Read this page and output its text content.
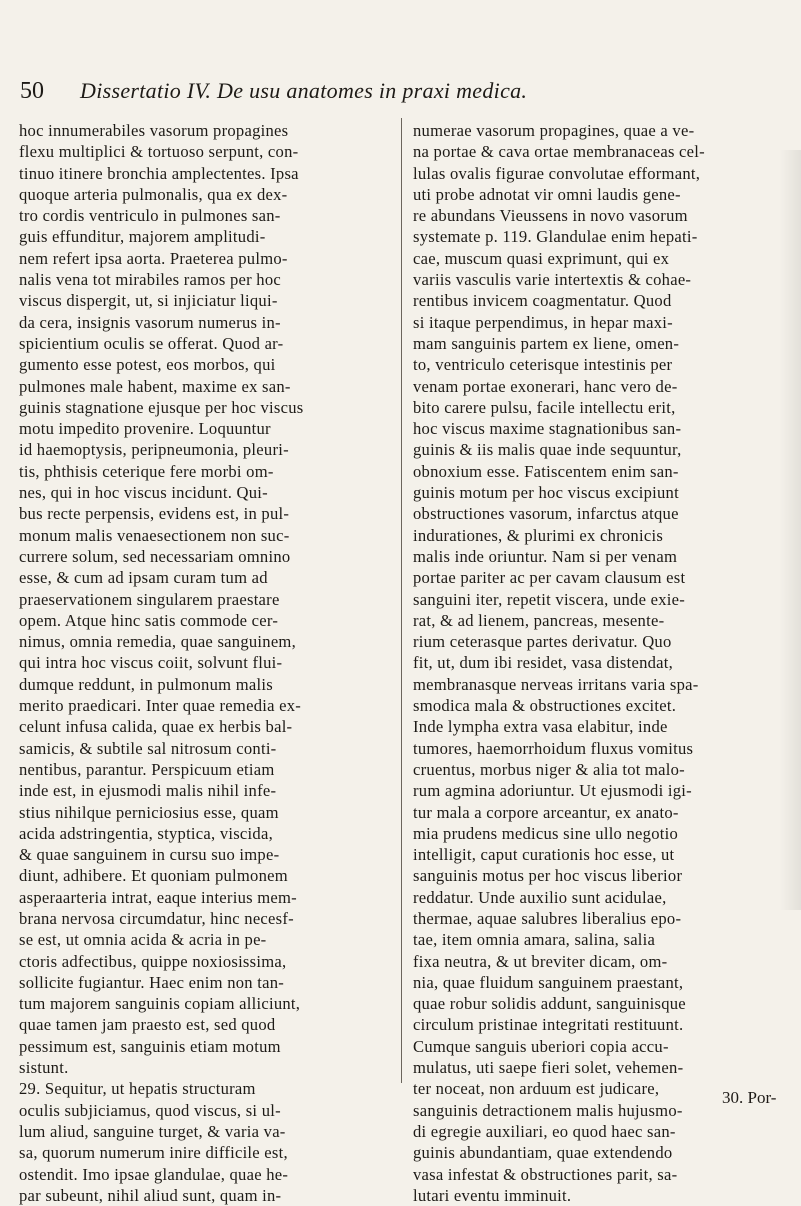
50 Dissertatio IV. De usu anatomes in praxi medica.
hoc innumerabiles vasorum propagines
flexu multiplici & tortuoso serpunt, con-
tinuo itinere bronchia amplectentes. Ipsa
quoque arteria pulmonalis, qua ex dex-
tro cordis ventriculo in pulmones san-
guis effunditur, majorem amplitudi-
nem refert ipsa aorta. Praeterea pulmo-
nalis vena tot mirabiles ramos per hoc
viscus dispergit, ut, si injiciatur liqui-
da cera, insignis vasorum numerus in-
spicientium oculis se offerat. Quod ar-
gumento esse potest, eos morbos, qui
pulmones male habent, maxime ex san-
guinis stagnatione ejusque per hoc viscus
motu impedito provenire. Loquuntur
id haemoptysis, peripneumonia, pleuri-
tis, phthisis ceterique fere morbi om-
nes, qui in hoc viscus incidunt. Qui-
bus recte perpensis, evidens est, in pul-
monum malis venaesectionem non suc-
currere solum, sed necessariam omnino
esse, & cum ad ipsam curam tum ad
praeservationem singularem praestare
opem. Atque hinc satis commode cer-
nimus, omnia remedia, quae sanguinem,
qui intra hoc viscus coiit, solvunt flui-
dumque reddunt, in pulmonum malis
merito praedicari. Inter quae remedia ex-
celunt infusa calida, quae ex herbis bal-
samicis, & subtile sal nitrosum conti-
nentibus, parantur. Perspicuum etiam
inde est, in ejusmodi malis nihil infe-
stius nihilque perniciosius esse, quam
acida adstringentia, styptica, viscida,
& quae sanguinem in cursu suo impe-
diunt, adhibere. Et quoniam pulmonem
asperaarteria intrat, eaque interius mem-
brana nervosa circumdatur, hinc necesf-
se est, ut omnia acida & acria in pe-
ctoris adfectibus, quippe noxiosissima,
sollicite fugiantur. Haec enim non tan-
tum majorem sanguinis copiam alliciunt,
quae tamen jam praesto est, sed quod
pessimum est, sanguinis etiam motum
sistunt.
29. Sequitur, ut hepatis structuram
oculis subjiciamus, quod viscus, si ul-
lum aliud, sanguine turget, & varia va-
sa, quorum numerum inire difficile est,
ostendit. Imo ipsae glandulae, quae he-
par subeunt, nihil aliud sunt, quam in-
numerae vasorum propagines, quae a ve-
na portae & cava ortae membranaceas cel-
lulas ovalis figurae convolutae efformant,
uti probe adnotat vir omni laudis gene-
re abundans Vieussens in novo vasorum
systemate p. 119. Glandulae enim hepati-
cae, muscum quasi exprimunt, qui ex
variis vasculis varie intertextis & cohae-
rentibus invicem coagmentatur. Quod
si itaque perpendimus, in hepar maxi-
mam sanguinis partem ex liene, omen-
to, ventriculo ceterisque intestinis per
venam portae exonerari, hanc vero de-
bito carere pulsu, facile intellectu erit,
hoc viscus maxime stagnationibus san-
guinis & iis malis quae inde sequuntur,
obnoxium esse. Fatiscentem enim san-
guinis motum per hoc viscus excipiunt
obstructiones vasorum, infarctus atque
indurationes, & plurimi ex chronicis
malis inde oriuntur. Nam si per venam
portae pariter ac per cavam clausum est
sanguini iter, repetit viscera, unde exie-
rat, & ad lienem, pancreas, mesente-
rium ceterasque partes derivatur. Quo
fit, ut, dum ibi residet, vasa distendat,
membranasque nerveas irritans varia spa-
smodica mala & obstructiones excitet.
Inde lympha extra vasa elabitur, inde
tumores, haemorrhoidum fluxus vomitus
cruentus, morbus niger & alia tot malo-
rum agmina adoriuntur. Ut ejusmodi igi-
tur mala a corpore arceantur, ex anato-
mia prudens medicus sine ullo negotio
intelligit, caput curationis hoc esse, ut
sanguinis motus per hoc viscus liberior
reddatur. Unde auxilio sunt acidulae,
thermae, aquae salubres liberalius epo-
tae, item omnia amara, salina, salia
fixa neutra, & ut breviter dicam, om-
nia, quae fluidum sanguinem praestant,
quae robur solidis addunt, sanguinisque
circulum pristinae integritati restituunt.
Cumque sanguis uberiori copia accu-
mulatus, uti saepe fieri solet, vehemen-
ter noceat, non arduum est judicare,
sanguinis detractionem malis hujusmo-
di egregie auxiliari, eo quod haec san-
guinis abundantiam, quae extendendo
vasa infestat & obstructiones parit, sa-
lutari eventu imminuit.
30. Por-
